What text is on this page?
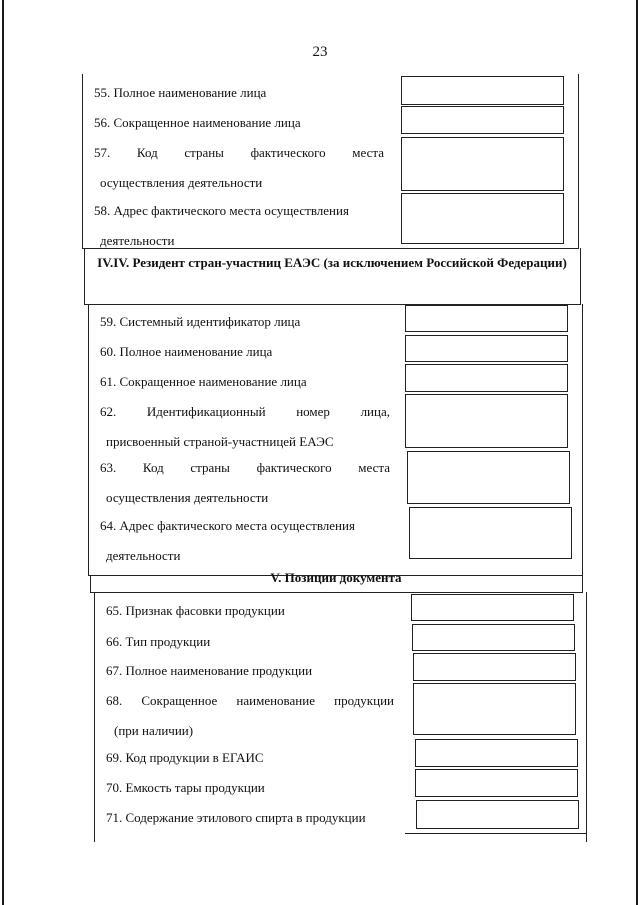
23
55. Полное наименование лица
56. Сокращенное наименование лица
57. Код страны фактического места
осуществления деятельности
58. Адрес фактического места осуществления
деятельности
IV.IV. Резидент стран-участниц ЕАЭС (за исключением Российской Федерации)
59. Системный идентификатор лица
60. Полное наименование лица
61. Сокращенное наименование лица
62. Идентификационный номер лица,
присвоенный страной-участницей ЕАЭС
63. Код страны фактического места
осуществления деятельности
64. Адрес фактического места осуществления
деятельности
V. Позиции документа
65. Признак фасовки продукции
66. Тип продукции
67. Полное наименование продукции
68. Сокращенное наименование продукции
(при наличии)
69. Код продукции в ЕГАИС
70. Емкость тары продукции
71. Содержание этилового спирта в продукции
